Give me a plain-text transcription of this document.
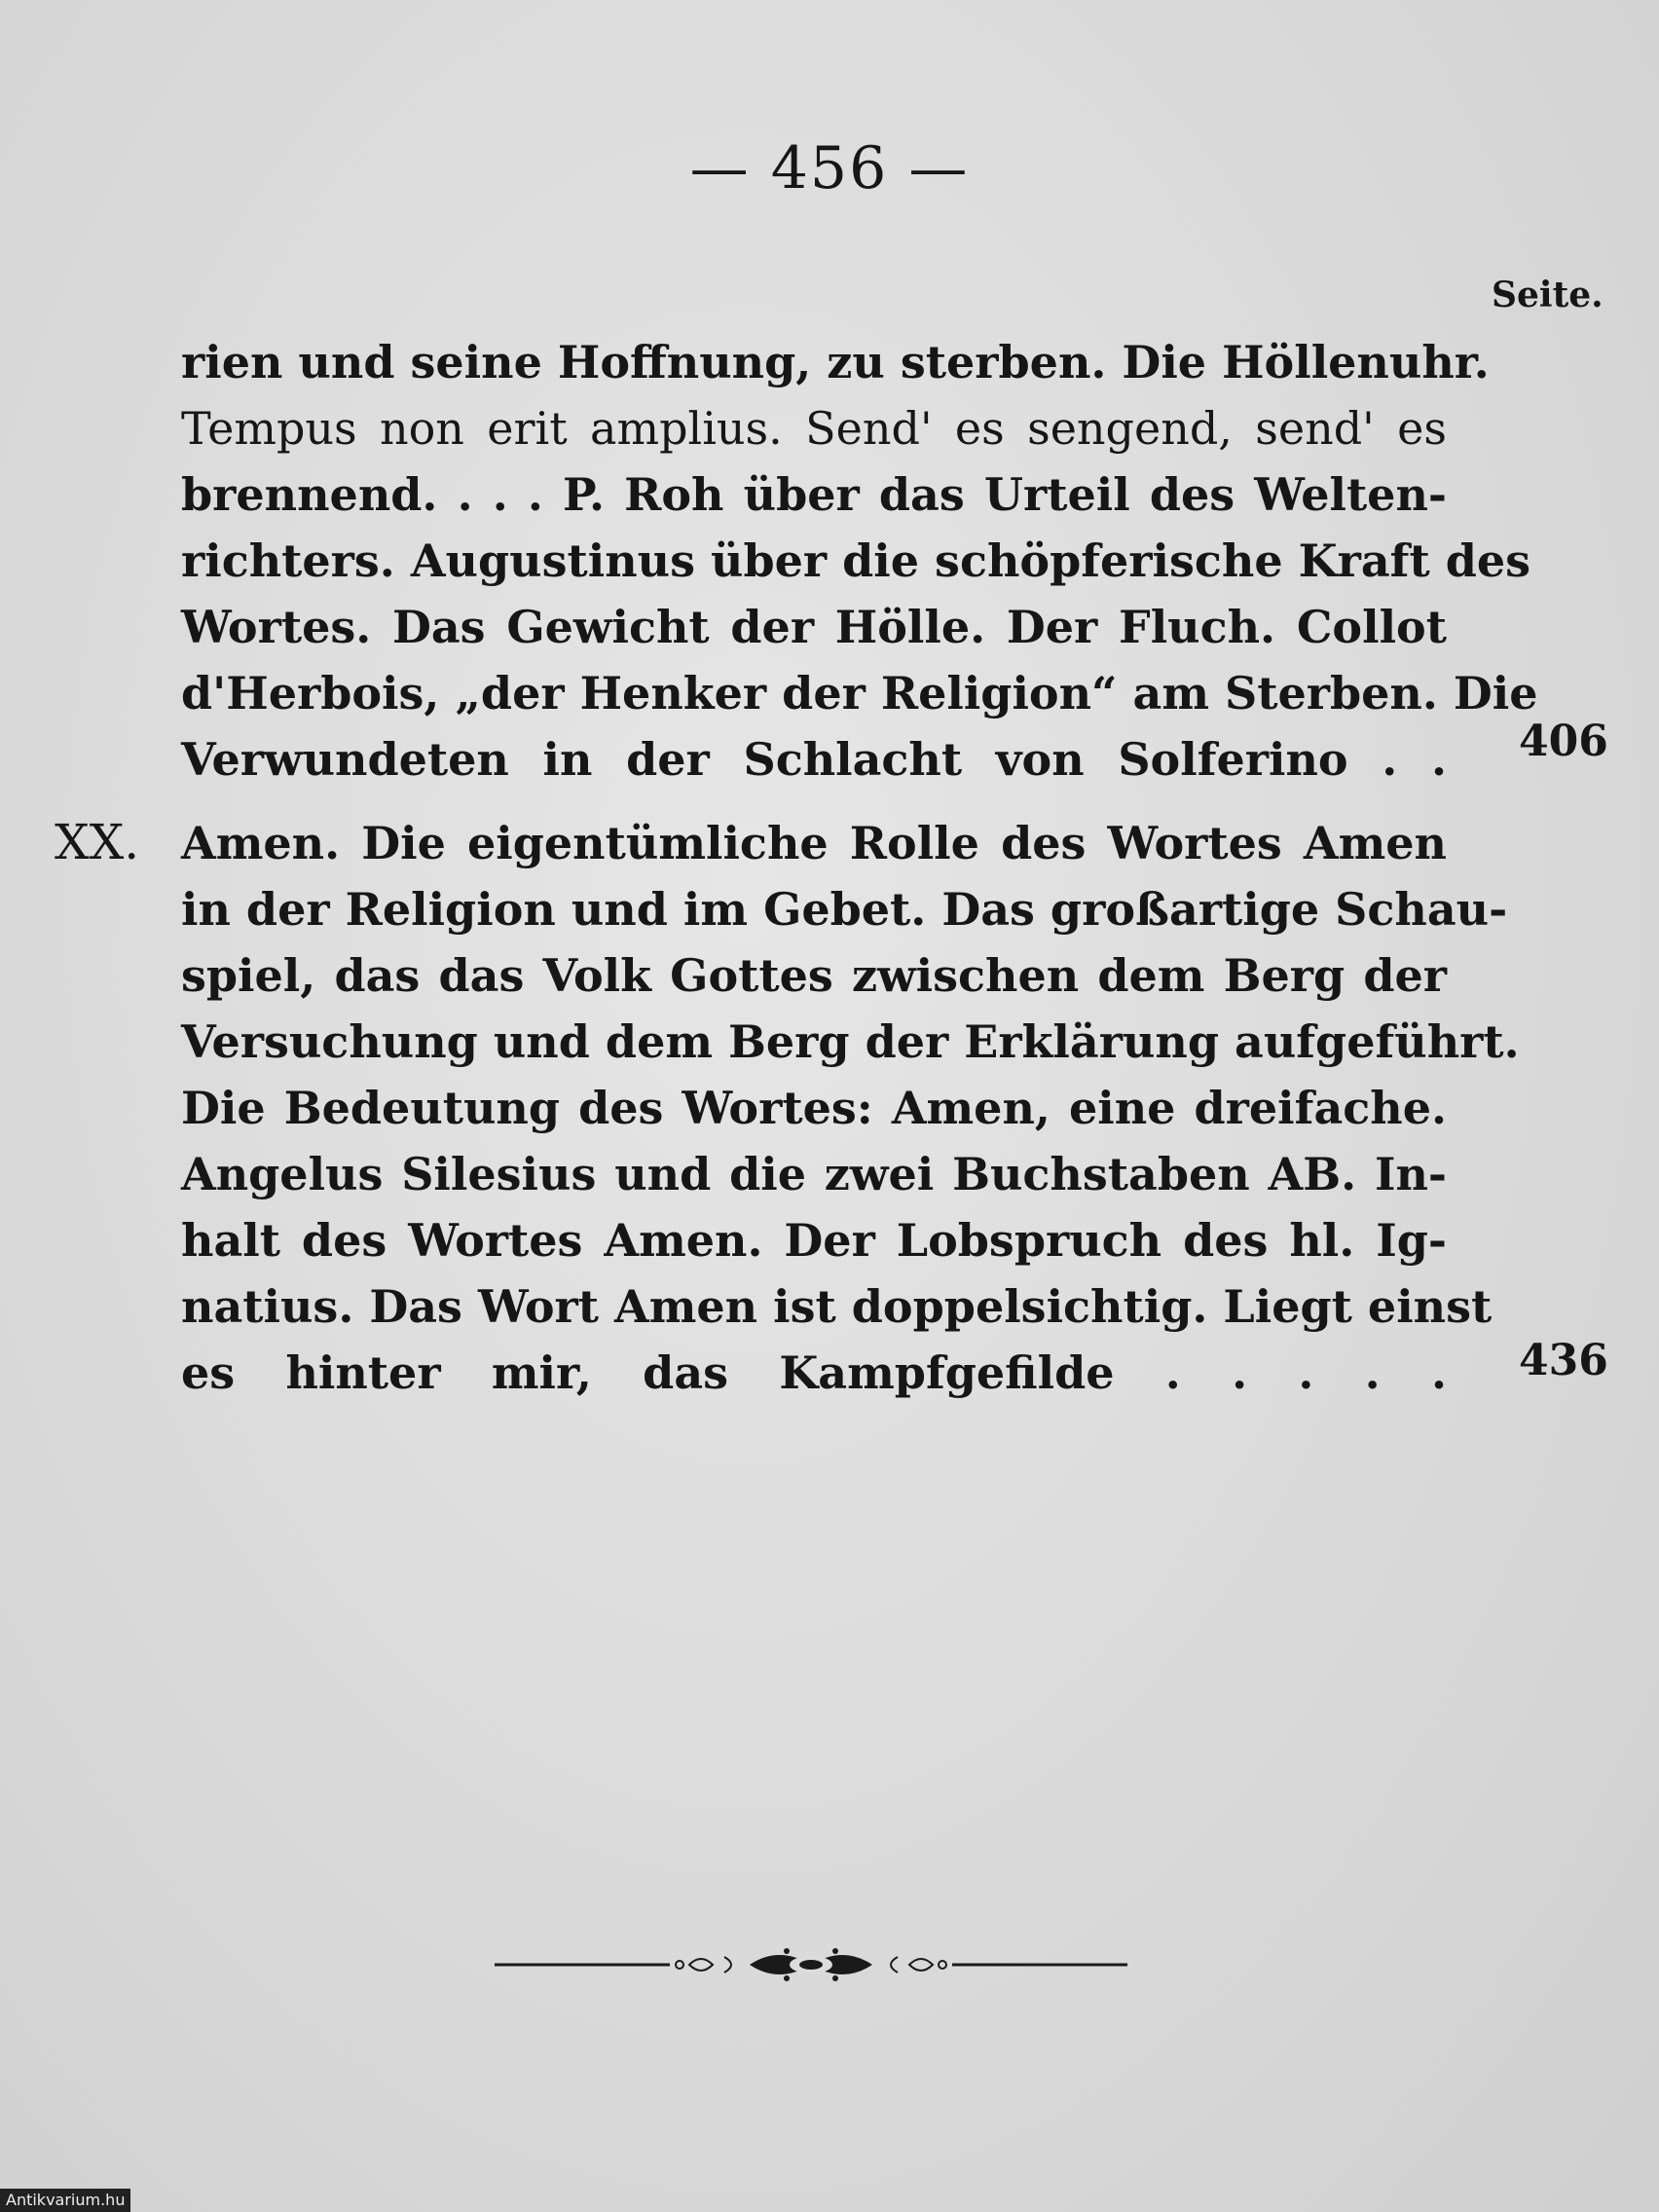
— 456 —
Seite.
rien und seine Hoffnung, zu sterben. Die Höllenuhr.
Tempus non erit amplius. Send' es sengend, send' es
brennend. . . . P. Roh über das Urteil des Welten-
richters. Augustinus über die schöpferische Kraft des
Wortes. Das Gewicht der Hölle. Der Fluch. Collot
d'Herbois, „der Henker der Religion“ am Sterben. Die
Verwundeten in der Schlacht von Solferino . . 406
XX. Amen. Die eigentümliche Rolle des Wortes Amen
in der Religion und im Gebet. Das großartige Schau-
spiel, das das Volk Gottes zwischen dem Berg der
Versuchung und dem Berg der Erklärung aufgeführt.
Die Bedeutung des Wortes: Amen, eine dreifache.
Angelus Silesius und die zwei Buchstaben AB. In-
halt des Wortes Amen. Der Lobspruch des hl. Ig-
natius. Das Wort Amen ist doppelsichtig. Liegt einst
es hinter mir, das Kampfgefilde . . . . . 436
Antikvarium.hu
